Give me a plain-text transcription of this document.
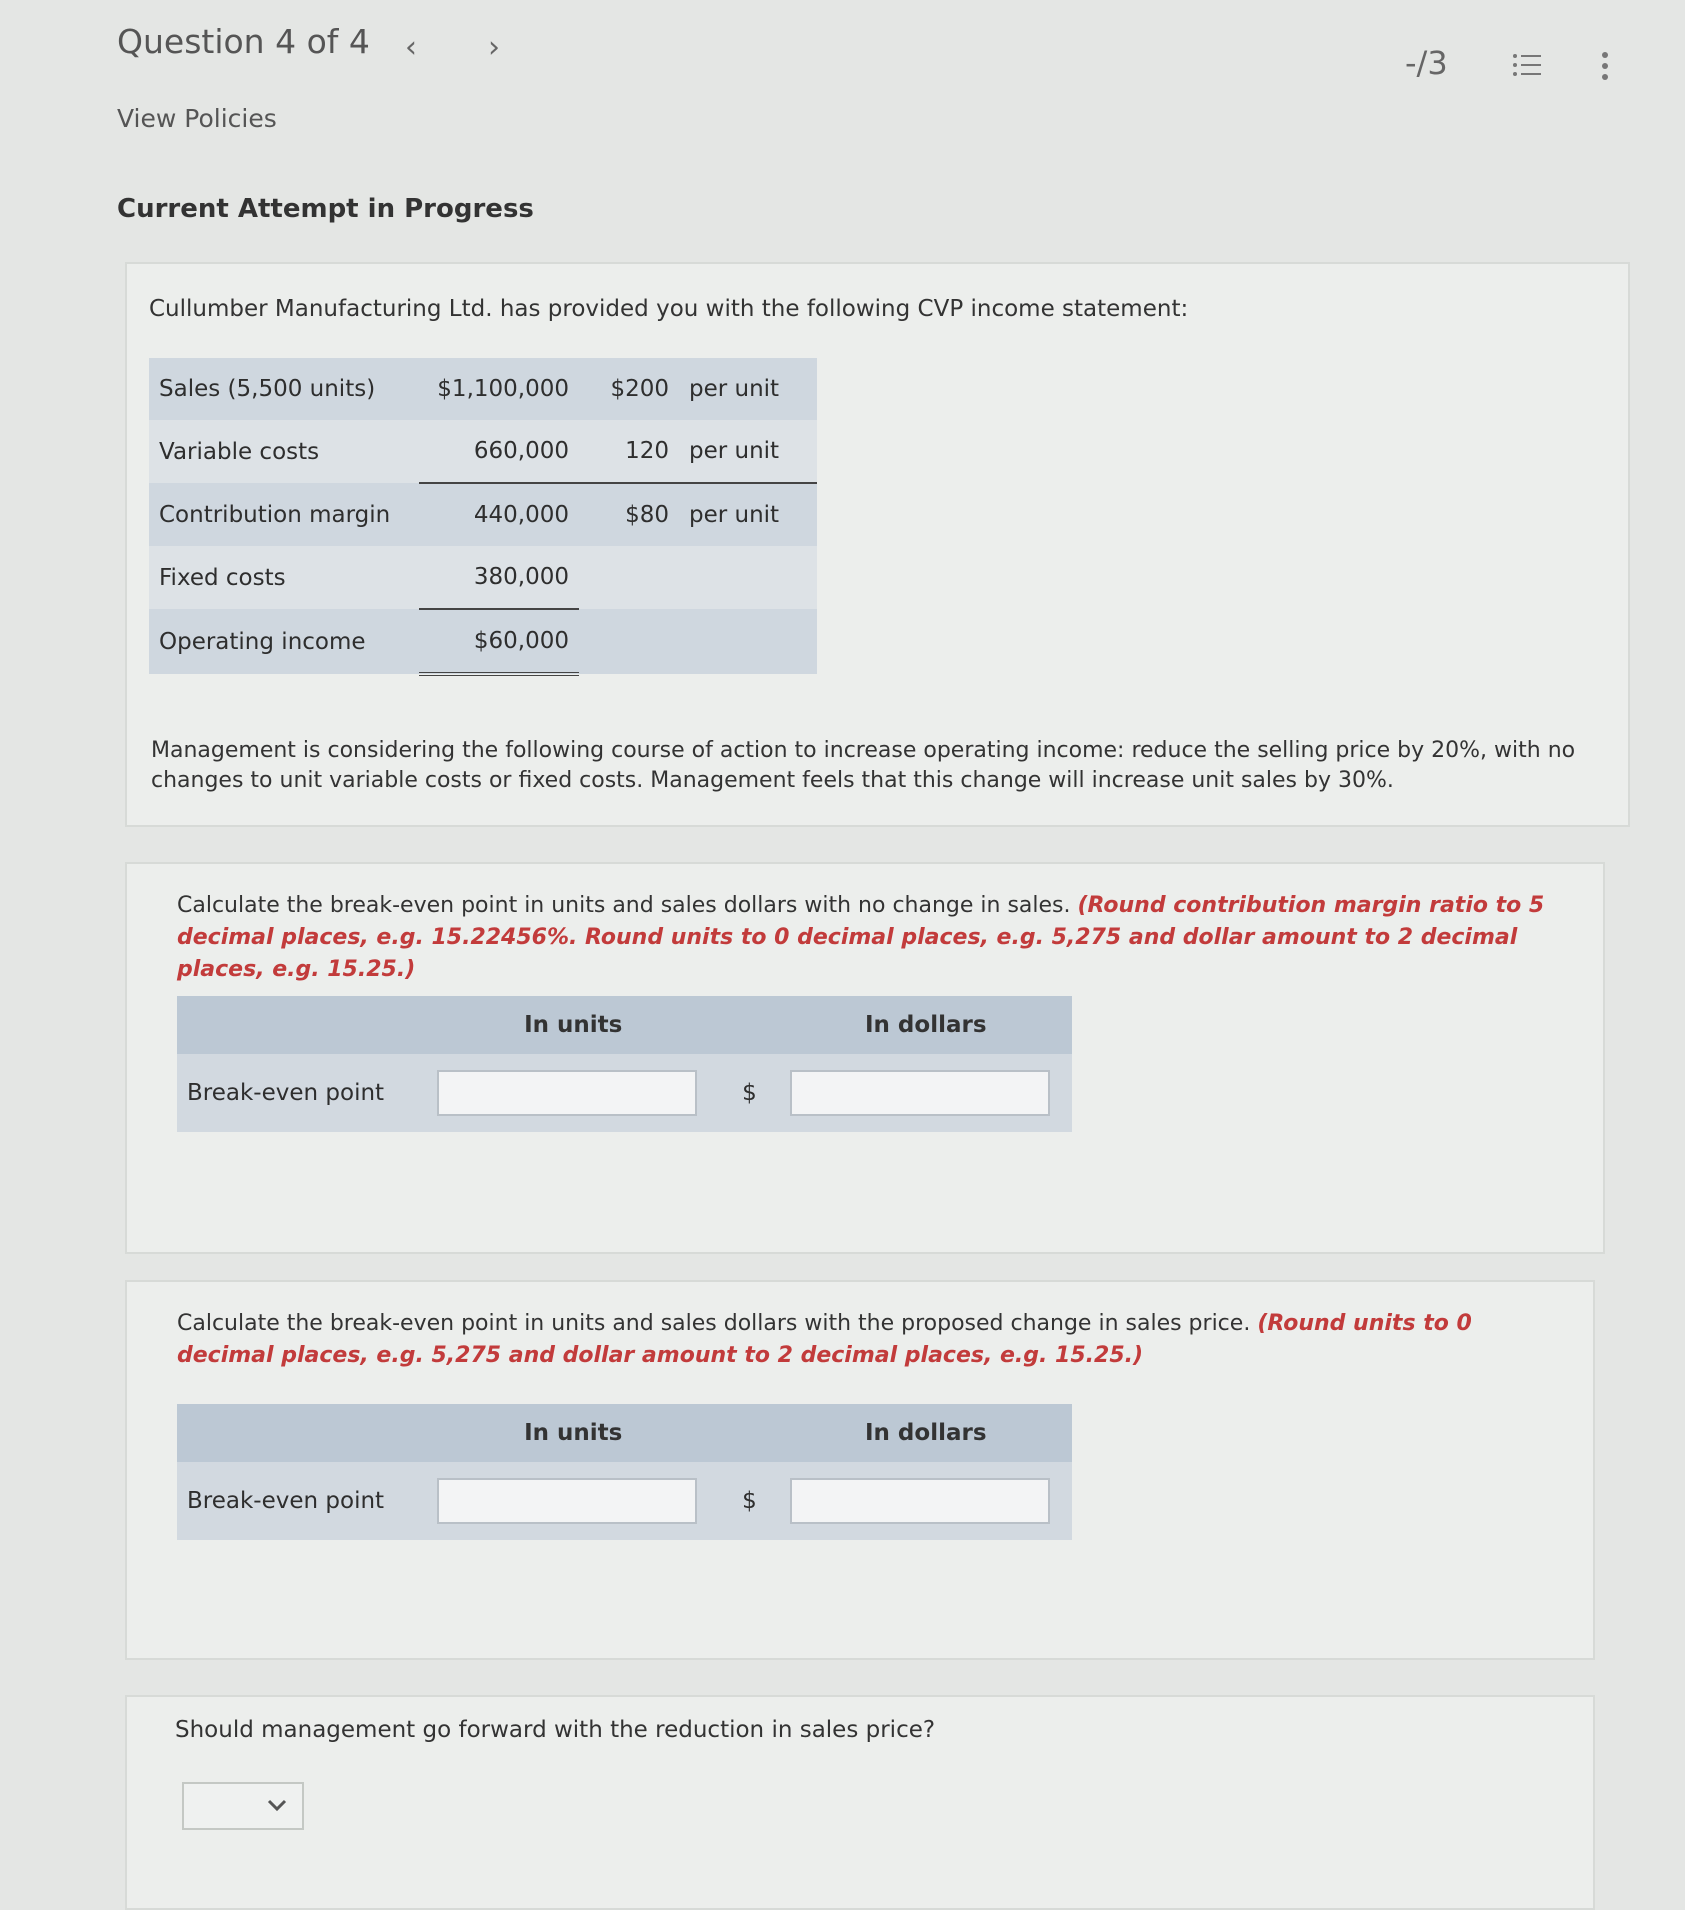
Question 4 of 4 ‹ ›	-/3
View Policies
Current Attempt in Progress
Cullumber Manufacturing Ltd. has provided you with the following CVP income statement:
Sales (5,500 units)	$1,100,000	$200	per unit
Variable costs	660,000	120	per unit
Contribution margin	440,000	$80	per unit
Fixed costs	380,000		
Operating income	$60,000		
Management is considering the following course of action to increase operating income: reduce the selling price by 20%, with no changes to unit variable costs or fixed costs. Management feels that this change will increase unit sales by 30%.
Calculate the break-even point in units and sales dollars with no change in sales. (Round contribution margin ratio to 5 decimal places, e.g. 15.22456%. Round units to 0 decimal places, e.g. 5,275 and dollar amount to 2 decimal places, e.g. 15.25.)
	In units		In dollars
Break-even point		$	
Calculate the break-even point in units and sales dollars with the proposed change in sales price. (Round units to 0 decimal places, e.g. 5,275 and dollar amount to 2 decimal places, e.g. 15.25.)
	In units		In dollars
Break-even point		$	
Should management go forward with the reduction in sales price?
